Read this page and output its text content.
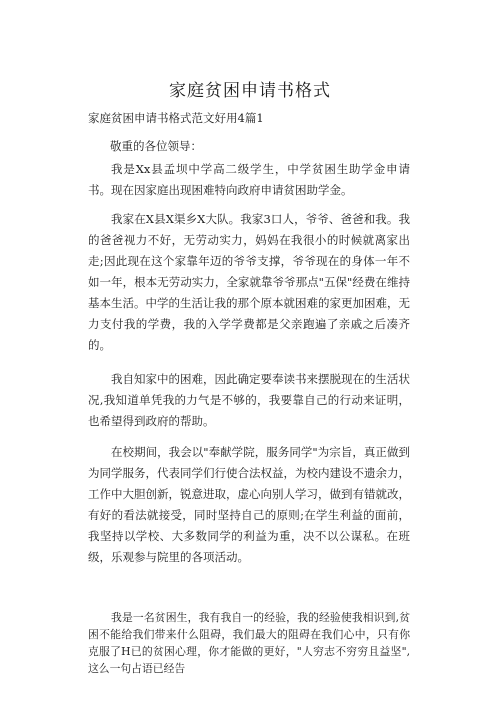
家庭贫困申请书格式
家庭贫困申请书格式范文好用4篇1
敬重的各位领导：

我是Xx县孟坝中学高二级学生，中学贫困生助学金申请书。现在因家庭出现困难特向政府申请贫困助学金。

我家在X县X渠乡X大队。我家3口人，爷爷、爸爸和我。我的爸爸视力不好，无劳动实力，妈妈在我很小的时候就离家出走;因此现在这个家靠年迈的爷爷支撑，爷爷现在的身体一年不如一年，根本无劳动实力，全家就靠爷爷那点"五保"经费在维持基本生活。中学的生活让我的那个原本就困难的家更加困难，无力支付我的学费，我的入学学费都是父亲跑遍了亲戚之后凑齐的。

我自知家中的困难，因此确定要奉读书来摆脱现在的生活状况,我知道单凭我的力气是不够的，我要靠自己的行动来证明，也希望得到政府的帮助。

在校期间，我会以"奉献学院，服务同学"为宗旨，真正做到为同学服务，代表同学们行使合法权益，为校内建设不遗余力，工作中大胆创新，锐意进取，虚心向别人学习，做到有错就改，有好的看法就接受，同时坚持自己的原则;在学生利益的面前，我坚持以学校、大多数同学的利益为重，决不以公谋私。在班级，乐观参与院里的各项活动。

我是一名贫困生，我有我自一的经验，我的经验使我相识到,贫困不能给我们带来什么阻碍，我们最大的阻碍在我们心中，只有你克服了H已的贫困心理，你才能做的更好，"人穷志不穷穷且益坚",这么一句占语已经告
